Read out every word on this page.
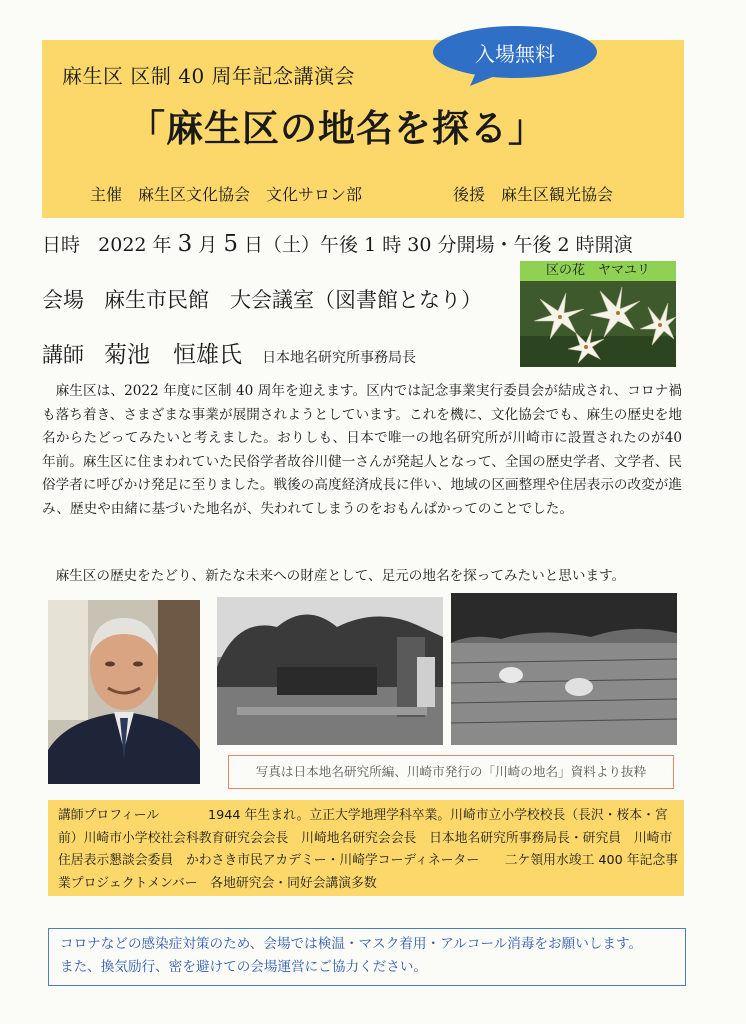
麻生区 区制 40 周年記念講演会
入場無料
「麻生区の地名を探る」
主催　麻生区文化協会　文化サロン部	後援　麻生区観光協会
日時 2022 年 3 月 5 日（土）午後 1 時 30 分開場・午後 2 時開演
会場 麻生市民館　大会議室（図書館となり）
講師 菊池　恒雄氏 日本地名研究所事務局長
区の花　ヤマユリ
麻生区は、2022 年度に区制 40 周年を迎えます。区内では記念事業実行委員会が結成され、コロナ禍も落ち着き、さまざまな事業が展開されようとしています。これを機に、文化協会でも、麻生の歴史を地名からたどってみたいと考えました。おりしも、日本で唯一の地名研究所が川崎市に設置されたのが40年前。麻生区に住まわれていた民俗学者故谷川健一さんが発起人となって、全国の歴史学者、文学者、民俗学者に呼びかけ発足に至りました。戦後の高度経済成長に伴い、地域の区画整理や住居表示の改変が進み、歴史や由緒に基づいた地名が、失われてしまうのをおもんぱかってのことでした。
麻生区の歴史をたどり、新たな未来への財産として、足元の地名を探ってみたいと思います。
写真は日本地名研究所編、川崎市発行の「川崎の地名」資料より抜粋
講師プロフィール	1944 年生まれ。立正大学地理学科卒業。川崎市立小学校校長（長沢・桜本・宮前）川崎市小学校社会科教育研究会会長　川崎地名研究会会長　日本地名研究所事務局長・研究員　川崎市住居表示懇談会委員　かわさき市民アカデミー・川崎学コーディネーター　　二ケ領用水竣工 400 年記念事業プロジェクトメンバー　各地研究会・同好会講演多数
コロナなどの感染症対策のため、会場では検温・マスク着用・アルコール消毒をお願いします。
また、換気励行、密を避けての会場運営にご協力ください。
